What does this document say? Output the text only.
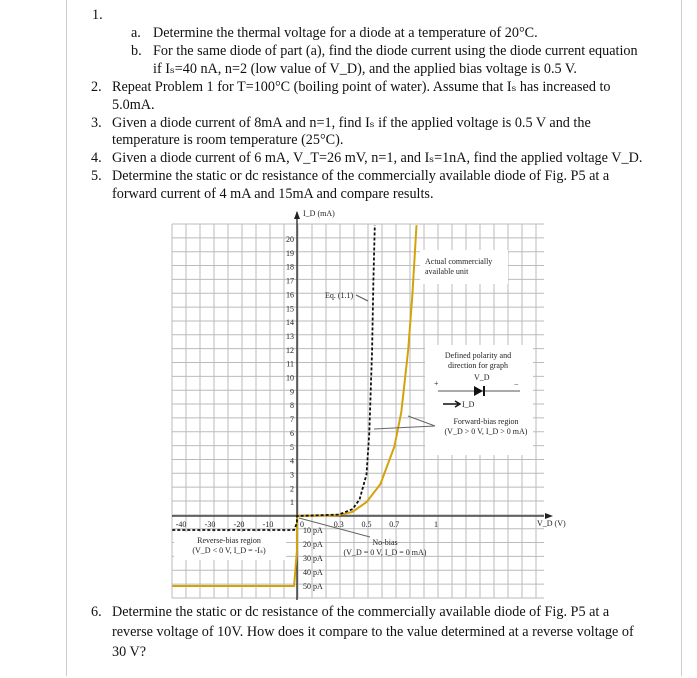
1.
a. Determine the thermal voltage for a diode at a temperature of 20°C.
b. For the same diode of part (a), find the diode current using the diode current equation
if Iₛ=40 nA, n=2 (low value of V_D), and the applied bias voltage is 0.5 V.
2. Repeat Problem 1 for T=100°C (boiling point of water). Assume that Iₛ has increased to
5.0mA.
3. Given a diode current of 8mA and n=1, find Iₛ if the applied voltage is 0.5 V and the
temperature is room temperature (25°C).
4. Given a diode current of 6 mA, V_T=26 mV, n=1, and Iₛ=1nA, find the applied voltage V_D.
5. Determine the static or dc resistance of the commercially available diode of Fig. P5 at a
forward current of 4 mA and 15mA and compare results.
6. Determine the static or dc resistance of the commercially available diode of Fig. P5 at a
reverse voltage of 10V. How does it compare to the value determined at a reverse voltage of
30 V?
I_D (mA)
V_D (V)
1
2
3
4
5
6
7
8
9
10
11
12
13
14
15
16
17
18
19
20
0.3 0.5 0.7	1
-40 -30 -20 -10	0
10 pA
20 pA
30 pA
40 pA
50 pA
Actual commercially
available unit
Eq. (1.1)
Defined polarity and
direction for graph
+	−
V_D
I_D
Forward-bias region
(V_D > 0 V, I_D > 0 mA)
Reverse-bias region
(V_D < 0 V, I_D = -Iₛ)
No-bias
(V_D = 0 V, I_D = 0 mA)
